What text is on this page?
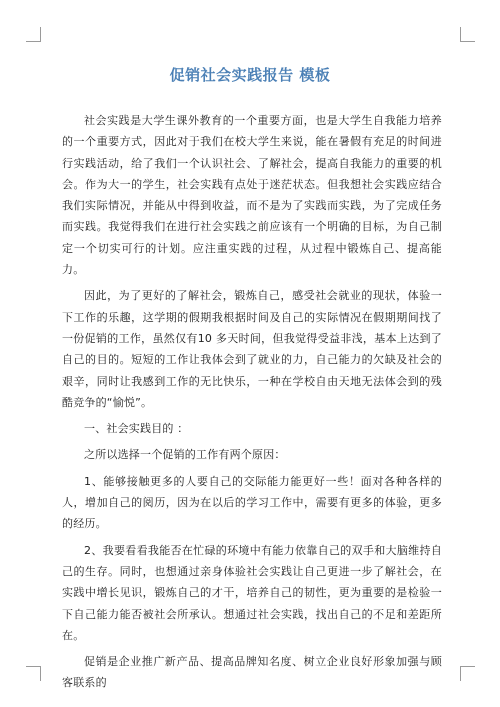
促销社会实践报告 模板

社会实践是大学生课外教育的一个重要方面，也是大学生自我能力培养的一个重要方式，因此对于我们在校大学生来说，能在暑假有充足的时间进行实践活动，给了我们一个认识社会、了解社会，提高自我能力的重要的机会。作为大一的学生，社会实践有点处于迷茫状态。但我想社会实践应结合我们实际情况，并能从中得到收益，而不是为了实践而实践，为了完成任务而实践。我觉得我们在进行社会实践之前应该有一个明确的目标，为自己制定一个切实可行的计划。应注重实践的过程，从过程中锻炼自己、提高能力。

因此，为了更好的了解社会，锻炼自己，感受社会就业的现状，体验一下工作的乐趣，这学期的假期我根据时间及自己的实际情况在假期期间找了一份促销的工作，虽然仅有10 多天时间，但我觉得受益非浅，基本上达到了自己的目的。短短的工作让我体会到了就业的力，自己能力的欠缺及社会的艰辛，同时让我感到工作的无比快乐，一种在学校自由天地无法体会到的残酷竞争的“愉悦”。

一、社会实践目的 ：

之所以选择一个促销的工作有两个原因：

1、能够接触更多的人要自己的交际能力能更好一些！面对各种各样的人，增加自己的阅历，因为在以后的学习工作中，需要有更多的体验，更多的经历。

2、我要看看我能否在忙碌的环境中有能力依靠自己的双手和大脑维持自己的生存。同时，也想通过亲身体验社会实践让自己更进一步了解社会，在实践中增长见识，锻炼自己的才干，培养自己的韧性，更为重要的是检验一下自己能力能否被社会所承认。想通过社会实践，找出自己的不足和差距所在。

促销是企业推广新产品、提高品牌知名度、树立企业良好形象加强与顾客联系的
